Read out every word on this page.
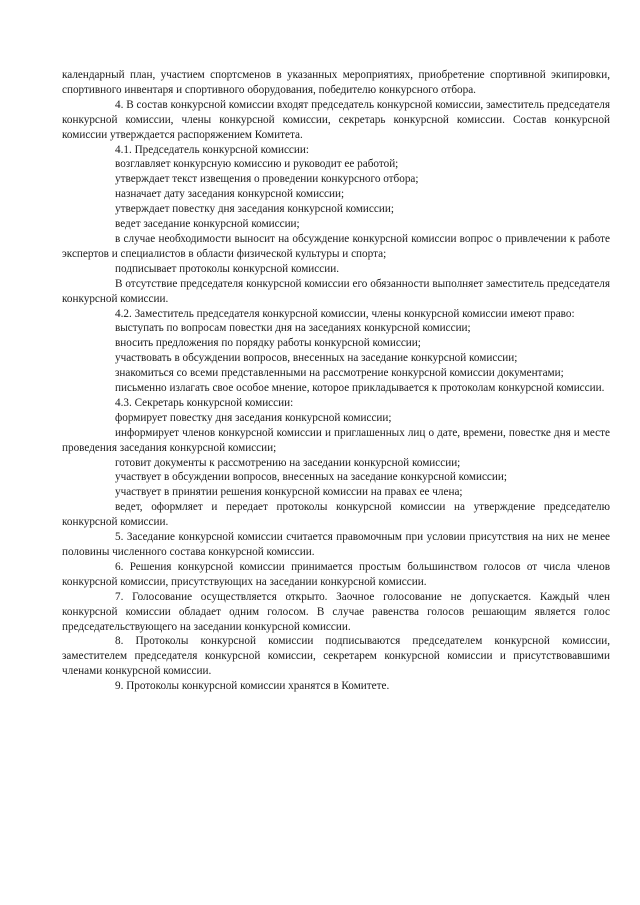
календарный план, участием спортсменов в указанных мероприятиях, приобретение спортивной экипировки, спортивного инвентаря и спортивного оборудования, победителю конкурсного отбора.

4. В состав конкурсной комиссии входят председатель конкурсной комиссии, заместитель председателя конкурсной комиссии, члены конкурсной комиссии, секретарь конкурсной комиссии. Состав конкурсной комиссии утверждается распоряжением Комитета.

4.1. Председатель конкурсной комиссии:

возглавляет конкурсную комиссию и руководит ее работой;

утверждает текст извещения о проведении конкурсного отбора;

назначает дату заседания конкурсной комиссии;

утверждает повестку дня заседания конкурсной комиссии;

ведет заседание конкурсной комиссии;

в случае необходимости выносит на обсуждение конкурсной комиссии вопрос о привлечении к работе экспертов и специалистов в области физической культуры и спорта;

подписывает протоколы конкурсной комиссии.

В отсутствие председателя конкурсной комиссии его обязанности выполняет заместитель председателя конкурсной комиссии.

4.2. Заместитель председателя конкурсной комиссии, члены конкурсной комиссии имеют право:

выступать по вопросам повестки дня на заседаниях конкурсной комиссии;

вносить предложения по порядку работы конкурсной комиссии;

участвовать в обсуждении вопросов, внесенных на заседание конкурсной комиссии;

знакомиться со всеми представленными на рассмотрение конкурсной комиссии документами;

письменно излагать свое особое мнение, которое прикладывается к протоколам конкурсной комиссии.

4.3. Секретарь конкурсной комиссии:

формирует повестку дня заседания конкурсной комиссии;

информирует членов конкурсной комиссии и приглашенных лиц о дате, времени, повестке дня и месте проведения заседания конкурсной комиссии;

готовит документы к рассмотрению на заседании конкурсной комиссии;

участвует в обсуждении вопросов, внесенных на заседание конкурсной комиссии;

участвует в принятии решения конкурсной комиссии на правах ее члена;

ведет, оформляет и передает протоколы конкурсной комиссии на утверждение председателю конкурсной комиссии.

5. Заседание конкурсной комиссии считается правомочным при условии присутствия на них не менее половины численного состава конкурсной комиссии.

6. Решения конкурсной комиссии принимается простым большинством голосов от числа членов конкурсной комиссии, присутствующих на заседании конкурсной комиссии.

7. Голосование осуществляется открыто. Заочное голосование не допускается. Каждый член конкурсной комиссии обладает одним голосом. В случае равенства голосов решающим является голос председательствующего на заседании конкурсной комиссии.

8. Протоколы конкурсной комиссии подписываются председателем конкурсной комиссии, заместителем председателя конкурсной комиссии, секретарем конкурсной комиссии и присутствовавшими членами конкурсной комиссии.

9. Протоколы конкурсной комиссии хранятся в Комитете.
